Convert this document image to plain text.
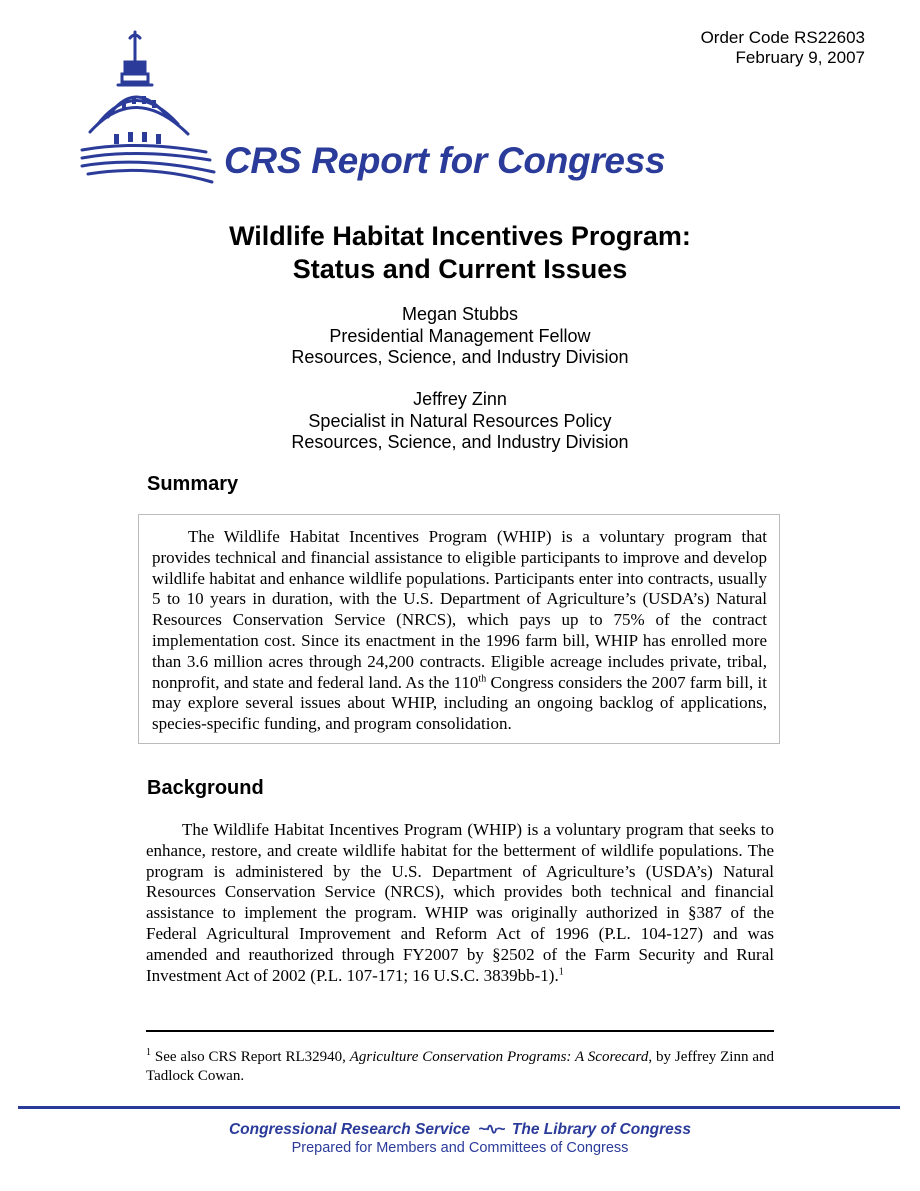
Order Code RS22603
February 9, 2007
CRS Report for Congress
Wildlife Habitat Incentives Program:
Status and Current Issues
Megan Stubbs
Presidential Management Fellow
Resources, Science, and Industry Division
Jeffrey Zinn
Specialist in Natural Resources Policy
Resources, Science, and Industry Division
Summary

The Wildlife Habitat Incentives Program (WHIP) is a voluntary program that provides technical and financial assistance to eligible participants to improve and develop wildlife habitat and enhance wildlife populations. Participants enter into contracts, usually 5 to 10 years in duration, with the U.S. Department of Agriculture’s (USDA’s) Natural Resources Conservation Service (NRCS), which pays up to 75% of the contract implementation cost. Since its enactment in the 1996 farm bill, WHIP has enrolled more than 3.6 million acres through 24,200 contracts. Eligible acreage includes private, tribal, nonprofit, and state and federal land. As the 110th Congress considers the 2007 farm bill, it may explore several issues about WHIP, including an ongoing backlog of applications, species-specific funding, and program consolidation.

Background

The Wildlife Habitat Incentives Program (WHIP) is a voluntary program that seeks to enhance, restore, and create wildlife habitat for the betterment of wildlife populations. The program is administered by the U.S. Department of Agriculture’s (USDA’s) Natural Resources Conservation Service (NRCS), which provides both technical and financial assistance to implement the program. WHIP was originally authorized in §387 of the Federal Agricultural Improvement and Reform Act of 1996 (P.L. 104-127) and was amended and reauthorized through FY2007 by §2502 of the Farm Security and Rural Investment Act of 2002 (P.L. 107-171; 16 U.S.C. 3839bb-1).$^1$

$^1$ See also CRS Report RL32940, Agriculture Conservation Programs: A Scorecard, by Jeffrey Zinn and Tadlock Cowan.

Congressional Research Service ~∿~ The Library of Congress
Prepared for Members and Committees of Congress
